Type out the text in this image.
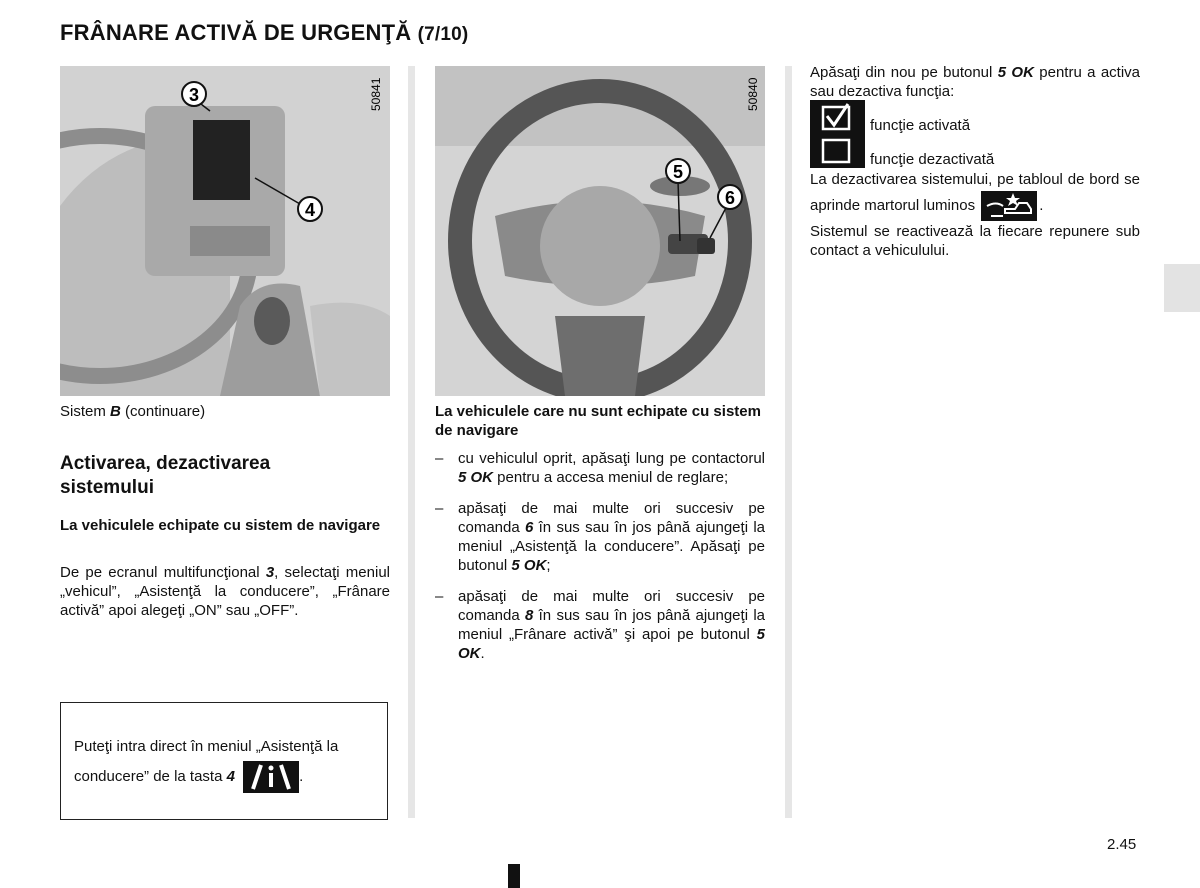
FRÂNARE ACTIVĂ DE URGENŢĂ (7/10)
3
4
50841
5
6
50840
Sistem B (continuare)
Activarea, dezactivarea sistemului
La vehiculele echipate cu sistem de navigare
De pe ecranul multifuncţional 3, selectaţi meniul „vehicul”, „Asistenţă la conducere”, „Frânare activă” apoi alegeţi „ON” sau „OFF”.
Puteţi intra direct în meniul „Asistenţă la
conducere” de la tasta 4	.
La vehiculele care nu sunt echipate cu sistem de navigare
– cu vehiculul oprit, apăsaţi lung pe contactorul 5 OK pentru a accesa meniul de reglare;
– apăsaţi de mai multe ori succesiv pe comanda 6 în sus sau în jos până ajungeţi la meniul „Asistenţă la conducere”. Apăsaţi pe butonul 5 OK;
– apăsaţi de mai multe ori succesiv pe comanda 8 în sus sau în jos până ajungeţi la meniul „Frânare activă” şi apoi pe butonul 5 OK.
Apăsaţi din nou pe butonul 5 OK pentru a activa sau dezactiva funcţia:
funcţie activată
funcţie dezactivată
La dezactivarea sistemului, pe tabloul de bord se aprinde martorul luminos	.
Sistemul se reactivează la fiecare repunere sub contact a vehiculului.
2.45
